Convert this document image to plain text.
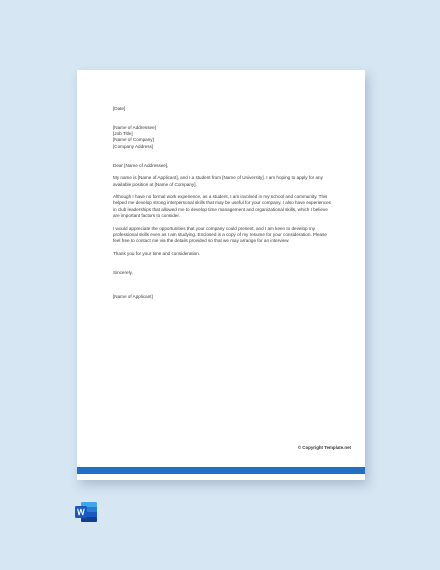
[Date]
[Name of Addressee]
[Job Title]
[Name of Company]
[Company Address]
Dear [Name of Addressee],

My name is [Name of Applicant], and I a student from [Name of University]. I am hoping to apply for any available position at [Name of Company].

Although I have no formal work experience, as a student, I am involved in my school and community. This helped me develop strong interpersonal skills that may be useful for your company. I also have experiences in club leaderships that allowed me to develop time management and organizational skills, which I believe are important factors to consider.

I would appreciate the opportunities that your company could present, and I am keen to develop my professional skills even as I am studying. Enclosed is a copy of my resume for your consideration. Please feel free to contact me via the details provided so that we may arrange for an interview.

Thank you for your time and consideration.

Sincerely,
[Name of Applicant]
© Copyright Template.net
